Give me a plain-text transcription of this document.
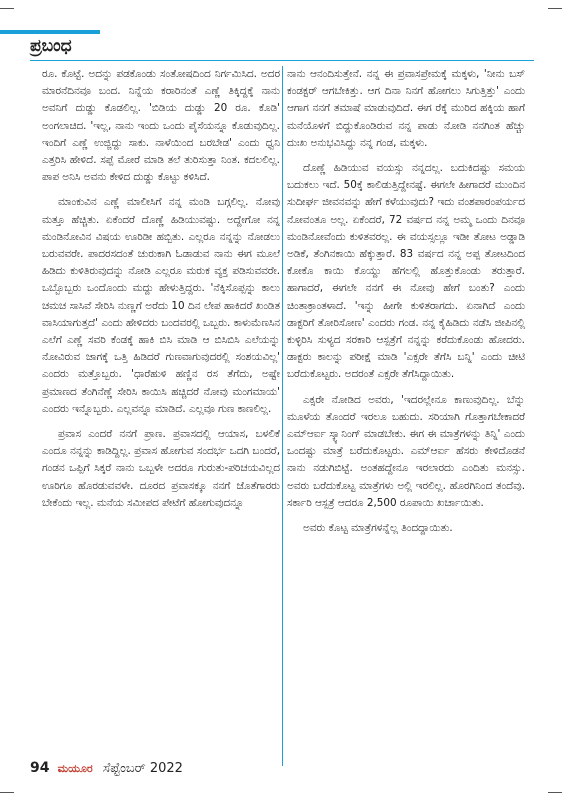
ಪ್ರಬಂಧ

ರೂ. ಕೊಟ್ಟೆ. ಅದನ್ನು ಪಡಕೊಂಡು ಸಂತೋಷದಿಂದ ನಿರ್ಗಮಿಸಿದ. ಅದರ ಮಾರನೆದಿನವೂ ಬಂದ. ನಿನ್ನೆಯ ಕರಾರಿನಂತೆ ಎಣ್ಣೆ ತಿಕ್ಕಿದ್ದಕ್ಕೆ ನಾನು ಅವನಿಗೆ ದುಡ್ಡು ಕೊಡಲಿಲ್ಲ. 'ಬಿಡಿಯ ದುಡ್ಡು 20 ರೂ. ಕೊಡಿ' ಅಂಗಲಾಚಿದ. 'ಇಲ್ಲ, ನಾನು ಇಂದು ಒಂದು ಪೈಸೆಯನ್ನೂ ಕೊಡುವುದಿಲ್ಲ. ಇಂದಿಗೆ ಎಣ್ಣೆ ಉಜ್ಜಿದ್ದು ಸಾಕು. ನಾಳೆಯಿಂದ ಬರಬೇಡ' ಎಂದು ಧ್ವನಿ ಎತ್ತರಿಸಿ ಹೇಳಿದೆ. ಸಪ್ಪೆ ಮೋರೆ ಮಾಡಿ ತಲೆ ತುರಿಸುತ್ತಾ ನಿಂತ. ಕದಲಲಿಲ್ಲ. ಪಾಪ ಅನಿಸಿ ಅವನು ಕೇಳಿದ ದುಡ್ಡು ಕೊಟ್ಟು ಕಳಿಸಿದೆ.

ಮಾಂಕುವಿನ ಎಣ್ಣೆ ಮಾಲೀಸಿಗೆ ನನ್ನ ಮಂಡಿ ಬಗ್ಗಲಿಲ್ಲ. ನೋವು ಮತ್ತೂ ಹೆಚ್ಚಿತು. ಏಕೆಂದರೆ ದೊಣ್ಣೆ ಹಿಡಿಯುವಷ್ಟು. ಅದ್ದೇಗೋ ನನ್ನ ಮಂಡಿನೋವಿನ ವಿಷಯ ಊರಿಡೀ ಹಬ್ಬಿತು. ಎಲ್ಲರೂ ನನ್ನನ್ನು ನೋಡಲು ಬರುವವರೇ. ಪಾದರಸದಂತೆ ಚುರುಕಾಗಿ ಓಡಾಡುವ ನಾನು ಈಗ ಮೂಲೆ ಹಿಡಿದು ಕುಳಿತಿರುವುದನ್ನು ನೋಡಿ ಎಲ್ಲರೂ ಮರುಕ ವ್ಯಕ್ತ ಪಡಿಸುವವರೇ. ಒಬ್ಬೊಬ್ಬರು ಒಂದೊಂದು ಮದ್ದು ಹೇಳುತ್ತಿದ್ದರು. 'ನೆಕ್ಕಿಸೊಪ್ಪನ್ನು ಕಾಲು ಚಮಚ ಸಾಸಿವೆ ಸೇರಿಸಿ ನುಣ್ಣಗೆ ಅರೆದು 10 ದಿನ ಲೇಪ ಹಾಕಿದರೆ ಖಂಡಿತ ವಾಸಿಯಾಗುತ್ತದೆ' ಎಂದು ಹೇಳಿದರು ಬಂದವರಲ್ಲಿ ಒಬ್ಬರು. ಕಾಳುಮೆಣಸಿನ ಎಲೆಗೆ ಎಣ್ಣೆ ಸವರಿ ಕೆಂಡಕ್ಕೆ ಹಾಕಿ ಬಿಸಿ ಮಾಡಿ ಆ ಬಿಸಿಬಿಸಿ ಎಲೆಯನ್ನು ನೋವಿರುವ ಜಾಗಕ್ಕೆ ಒತ್ತಿ ಹಿಡಿದರೆ ಗುಣವಾಗುವುದರಲ್ಲಿ ಸಂಶಯವಿಲ್ಲ' ಎಂದರು ಮತ್ತೊಬ್ಬರು. 'ಧಾರೆಹುಳಿ ಹಣ್ಣಿನ ರಸ ತೆಗೆದು, ಅಷ್ಟೇ ಪ್ರಮಾಣದ ತೆಂಗಿನೆಣ್ಣೆ ಸೇರಿಸಿ ಕಾಯಿಸಿ ಹಚ್ಚಿದರೆ ನೋವು ಮಂಗಮಾಯ' ಎಂದರು ಇನ್ನೊಬ್ಬರು. ಎಲ್ಲವನ್ನೂ ಮಾಡಿದೆ. ಎಲ್ಲವೂ ಗುಣ ಕಾಣಲಿಲ್ಲ.

ಪ್ರವಾಸ ಎಂದರೆ ನನಗೆ ಪ್ರಾಣ. ಪ್ರವಾಸದಲ್ಲಿ ಆಯಾಸ, ಬಳಲಿಕೆ ಎಂದೂ ನನ್ನನ್ನು ಕಾಡಿದ್ದಿಲ್ಲ. ಪ್ರವಾಸ ಹೋಗುವ ಸಂದರ್ಭ ಒದಗಿ ಬಂದರೆ, ಗಂಡನ ಒಪ್ಪಿಗೆ ಸಿಕ್ಕರೆ ನಾನು ಒಬ್ಬಳೇ ಅದರೂ ಗುರುತು-ಪರಿಚಯವಿಲ್ಲದ ಊರಿಗೂ ಹೊರಡುವವಳೇ. ದೂರದ ಪ್ರವಾಸಕ್ಕೂ ನನಗೆ ಜೊತೆಗಾರರು ಬೇಕೆಂದು ಇಲ್ಲ. ಮನೆಯ ಸಮೀಪದ ಪೇಟೆಗೆ ಹೋಗುವುದನ್ನೂ

ನಾನು ಆನಂದಿಸುತ್ತೇನೆ. ನನ್ನ ಈ ಪ್ರವಾಸಪ್ರೇಮಕ್ಕೆ ಮಕ್ಕಳು, 'ನೀನು ಬಸ್ ಕಂಡಕ್ಟರ್ ಆಗಬೇಕಿತ್ತು. ಆಗ ದಿನಾ ನಿನಗೆ ಹೋಗಲು ಸಿಗುತ್ತಿತ್ತು' ಎಂದು ಆಗಾಗ ನನಗೆ ತಮಾಷೆ ಮಾಡುವುದಿದೆ. ಈಗ ರೆಕ್ಕೆ ಮುರಿದ ಹಕ್ಕಿಯ ಹಾಗೆ ಮನೆಯೊಳಗೆ ಬಿದ್ದುಕೊಂಡಿರುವ ನನ್ನ ಪಾಡು ನೋಡಿ ನನಗಿಂತ ಹೆಚ್ಚು ದುಃಖ ಅನುಭವಿಸಿದ್ದು ನನ್ನ ಗಂಡ, ಮಕ್ಕಳು.

ದೊಣ್ಣೆ ಹಿಡಿಯುವ ವಯಸ್ಸು ನನ್ನದಲ್ಲ. ಬದುಕಿದಷ್ಟು ಸಮಯ ಬದುಕಲು ಇದೆ. 50ಕ್ಕೆ ಕಾಲಿಡುತ್ತಿದ್ದೇನಷ್ಟೆ. ಈಗಲೇ ಹೀಗಾದರೆ ಮುಂದಿನ ಸುದೀರ್ಘ ಜೀವನವನ್ನು ಹೇಗೆ ಕಳೆಯುವುದು? ಇದು ವಂಶಪಾರಂಪರ್ಯದ ನೋವಂತೂ ಅಲ್ಲ. ಏಕೆಂದರೆ, 72 ವರ್ಷದ ನನ್ನ ಅಮ್ಮ ಒಂದು ದಿನವೂ ಮಂಡಿನೋವೆಂದು ಕುಳಿತವರಲ್ಲ. ಈ ವಯಸ್ಸಲ್ಲೂ ಇಡೀ ತೋಟ ಅಡ್ಡಾಡಿ ಅಡಿಕೆ, ತೆಂಗಿನಕಾಯಿ ಹೆಕ್ಕುತ್ತಾರೆ. 83 ವರ್ಷದ ನನ್ನ ಅಪ್ಪ ತೋಟದಿಂದ ಕೋಕೊ ಕಾಯಿ ಕೊಯ್ದು ಹೆಗಲಲ್ಲಿ ಹೊತ್ತುಕೊಂಡು ತರುತ್ತಾರೆ. ಹಾಗಾದರೆ, ಈಗಲೇ ನನಗೆ ಈ ನೋವು ಹೇಗೆ ಬಂತು? ಎಂದು ಚಿಂತಾಕ್ರಾಂತಳಾದೆ. 'ಇನ್ನು ಹೀಗೇ ಕುಳಿತರಾಗದು. ಏನಾಗಿದೆ ಎಂದು ಡಾಕ್ಟರಿಗೆ ತೋರಿಸೋಣ' ಎಂದರು ಗಂಡ. ನನ್ನ ಕೈಹಿಡಿದು ನಡೆಸಿ ಜೀಪಿನಲ್ಲಿ ಕುಳ್ಳಿರಿಸಿ ಸುಳ್ಯದ ಸರಕಾರಿ ಆಸ್ಪತ್ರೆಗೆ ನನ್ನನ್ನು ಕರೆದುಕೊಂಡು ಹೋದರು. ಡಾಕ್ಟರು ಕಾಲನ್ನು ಪರೀಕ್ಷೆ ಮಾಡಿ 'ಎಕ್ಸರೇ ತೆಗೆಸಿ ಬನ್ನಿ' ಎಂದು ಚೀಟಿ ಬರೆದುಕೊಟ್ಟರು. ಅದರಂತೆ ಎಕ್ಸರೇ ತೆಗೆಸಿದ್ದಾಯಿತು.

ಎಕ್ಸರೇ ನೋಡಿದ ಅವರು, 'ಇದರಲ್ಲೇನೂ ಕಾಣುವುದಿಲ್ಲ. ಬೆನ್ನು ಮೂಳೆಯ ತೊಂದರೆ ಇರಲೂ ಬಹುದು. ಸರಿಯಾಗಿ ಗೊತ್ತಾಗಬೇಕಾದರೆ ಎಮ್ಆರ್ಐ ಸ್ಕ್ಯಾನಿಂಗ್ ಮಾಡಬೇಕು. ಈಗ ಈ ಮಾತ್ರೆಗಳನ್ನು ತಿನ್ನಿ' ಎಂದು ಒಂದಷ್ಟು ಮಾತ್ರೆ ಬರೆದುಕೊಟ್ಟರು. ಎಮ್ಆರ್ಐ ಹೆಸರು ಕೇಳಿದೊಡನೆ ನಾನು ನಡುಗಿಬಿಟ್ಟೆ. ಅಂತಹದ್ದೇನೂ ಇರಲಾರದು ಎಂದಿತು ಮನಸ್ಸು. ಅವರು ಬರೆದುಕೊಟ್ಟ ಮಾತ್ರೆಗಳು ಅಲ್ಲಿ ಇರಲಿಲ್ಲ. ಹೊರಗಿನಿಂದ ತಂದೆವು. ಸರ್ಕಾರಿ ಆಸ್ಪತ್ರೆ ಆದರೂ 2,500 ರೂಪಾಯಿ ಖರ್ಚಾಯಿತು.

ಅವರು ಕೊಟ್ಟ ಮಾತ್ರೆಗಳನ್ನೆಲ್ಲ ತಿಂದದ್ದಾಯಿತು.

94 ಮಯೂರ ಸೆಪ್ಟೆಂಬರ್ 2022
